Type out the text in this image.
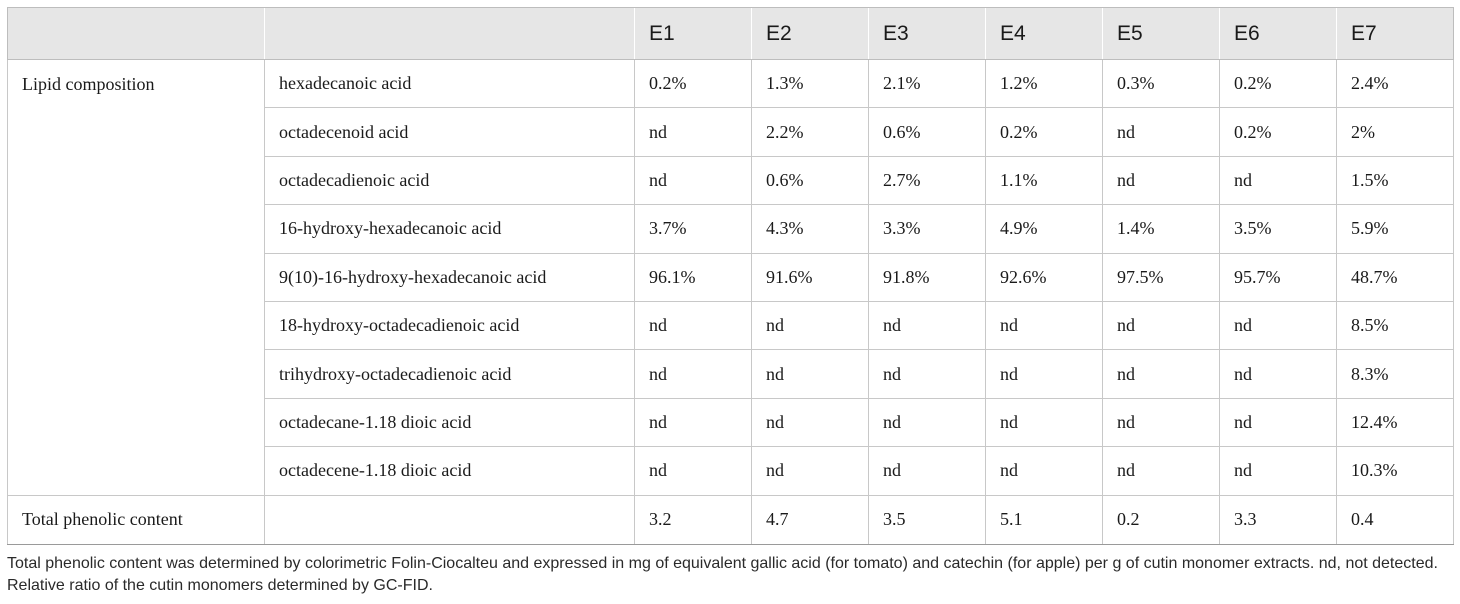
		E1	E2	E3	E4	E5	E6	E7
Lipid composition	hexadecanoic acid	0.2%	1.3%	2.1%	1.2%	0.3%	0.2%	2.4%
	octadecenoid acid	nd	2.2%	0.6%	0.2%	nd	0.2%	2%
	octadecadienoic acid	nd	0.6%	2.7%	1.1%	nd	nd	1.5%
	16-hydroxy-hexadecanoic acid	3.7%	4.3%	3.3%	4.9%	1.4%	3.5%	5.9%
	9(10)-16-hydroxy-hexadecanoic acid	96.1%	91.6%	91.8%	92.6%	97.5%	95.7%	48.7%
	18-hydroxy-octadecadienoic acid	nd	nd	nd	nd	nd	nd	8.5%
	trihydroxy-octadecadienoic acid	nd	nd	nd	nd	nd	nd	8.3%
	octadecane-1.18 dioic acid	nd	nd	nd	nd	nd	nd	12.4%
	octadecene-1.18 dioic acid	nd	nd	nd	nd	nd	nd	10.3%
Total phenolic content		3.2	4.7	3.5	5.1	0.2	3.3	0.4

Total phenolic content was determined by colorimetric Folin-Ciocalteu and expressed in mg of equivalent gallic acid (for tomato) and catechin (for apple) per g of cutin monomer extracts. nd, not detected. Relative ratio of the cutin monomers determined by GC-FID.
